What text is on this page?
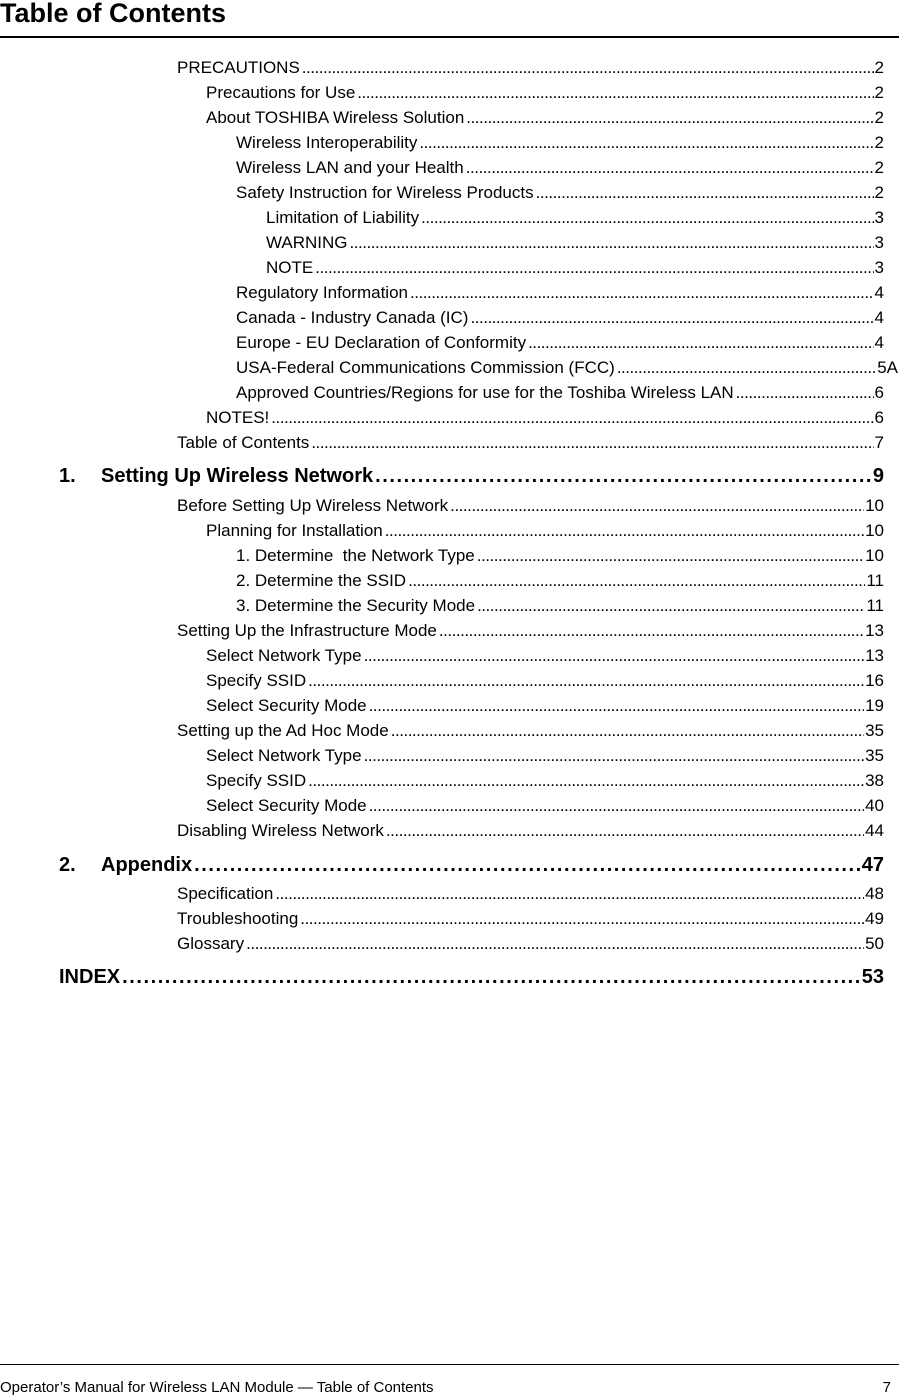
Table of Contents
PRECAUTIONS . . .	2
Precautions for Use . . .	2
About TOSHIBA Wireless Solution . . .	2
Wireless Interoperability . . .	2
Wireless LAN and your Health . . .	2
Safety Instruction for Wireless Products . . .	2
Limitation of Liability . . .	3
WARNING . . .	3
NOTE . . .	3
Regulatory Information . . .	4
Canada - Industry Canada (IC) . . .	4
Europe - EU Declaration of Conformity . . .	4
USA-Federal Communications Commission (FCC) . . .	5A
Approved Countries/Regions for use for the Toshiba Wireless LAN . . .	6
NOTES! . . .	6
Table of Contents . . .	7
1.	Setting Up Wireless Network . . .	9
Before Setting Up Wireless Network . . .	10
Planning for Installation . . .	10
1. Determine  the Network Type . . .	10
2. Determine the SSID . . .	11
3. Determine the Security Mode . . .	11
Setting Up the Infrastructure Mode . . .	13
Select Network Type . . .	13
Specify SSID . . .	16
Select Security Mode . . .	19
Setting up the Ad Hoc Mode . . .	35
Select Network Type . . .	35
Specify SSID . . .	38
Select Security Mode . . .	40
Disabling Wireless Network . . .	44
2.	Appendix . . .	47
Specification . . .	48
Troubleshooting . . .	49
Glossary . . .	50
INDEX . . .	53
Operator’s Manual for Wireless LAN Module — Table of Contents	7
